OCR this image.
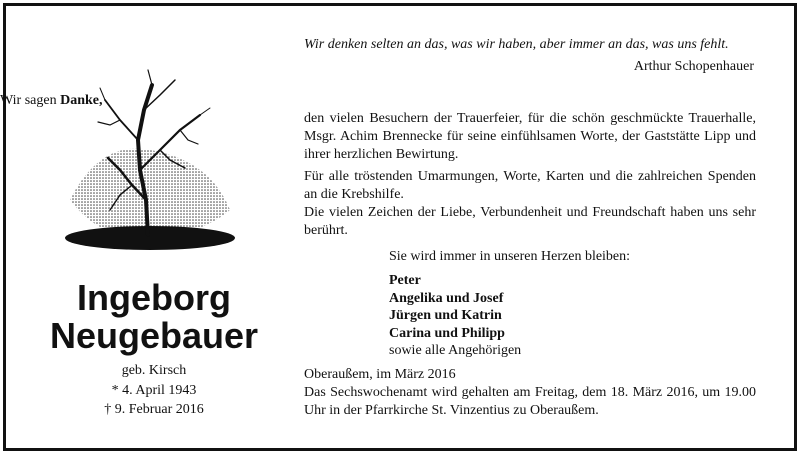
Ingeborg
Neugebauer
geb. Kirsch
* 4. April 1943
† 9. Februar 2016
Wir denken selten an das, was wir haben, aber immer an das, was uns fehlt.
Arthur Schopenhauer
Wir sagen Danke,
den vielen Besuchern der Trauerfeier, für die schön geschmückte Trauerhalle, Msgr. Achim Brennecke für seine einfühlsamen Worte, der Gaststätte Lipp und ihrer herzlichen Bewirtung.
Für alle tröstenden Umarmungen, Worte, Karten und die zahlreichen Spenden an die Krebshilfe.
Die vielen Zeichen der Liebe, Verbundenheit und Freundschaft haben uns sehr berührt.
Sie wird immer in unseren Herzen bleiben:
Peter
Angelika und Josef
Jürgen und Katrin
Carina und Philipp
sowie alle Angehörigen
Oberaußem, im März 2016
Das Sechswochenamt wird gehalten am Freitag, dem 18. März 2016, um 19.00 Uhr in der Pfarrkirche St. Vinzentius zu Oberaußem.
